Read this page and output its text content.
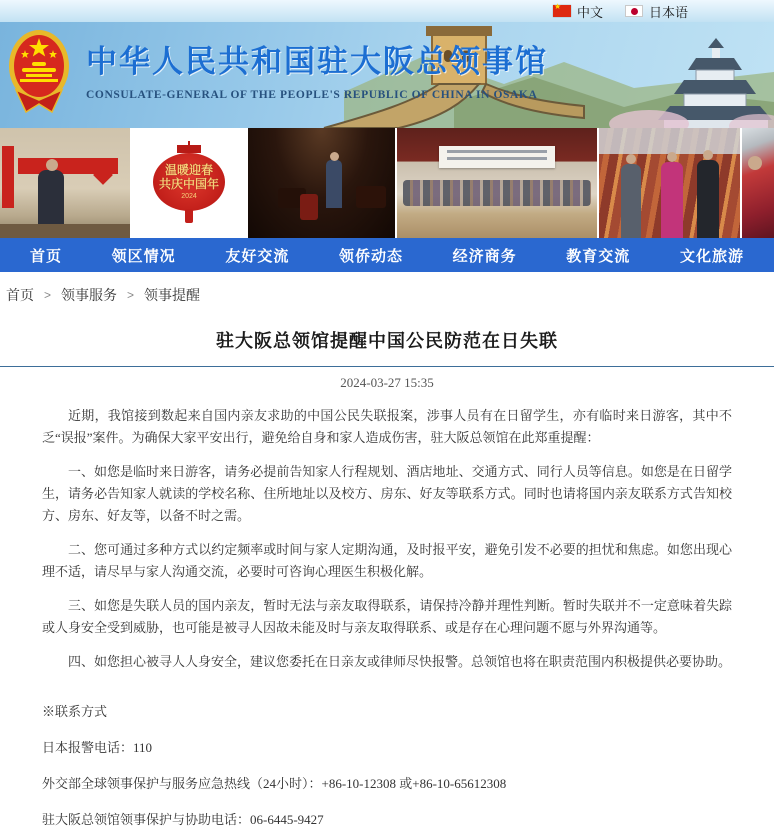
★
中文	日本语
中华人民共和国驻大阪总领事馆
CONSULATE-GENERAL OF THE PEOPLE'S REPUBLIC OF CHINA IN OSAKA
温暖迎春
共庆中国年
2024
首页	领区情况	友好交流	领侨动态	经济商务	教育交流	文化旅游
首页 > 领事服务 > 领事提醒
驻大阪总领馆提醒中国公民防范在日失联
2024-03-27 15:35

近期，我馆接到数起来自国内亲友求助的中国公民失联报案，涉事人员有在日留学生，亦有临时来日游客，其中不乏“误报”案件。为确保大家平安出行，避免给自身和家人造成伤害，驻大阪总领馆在此郑重提醒：

一、如您是临时来日游客，请务必提前告知家人行程规划、酒店地址、交通方式、同行人员等信息。如您是在日留学生，请务必告知家人就读的学校名称、住所地址以及校方、房东、好友等联系方式。同时也请将国内亲友联系方式告知校方、房东、好友等，以备不时之需。

二、您可通过多种方式以约定频率或时间与家人定期沟通，及时报平安，避免引发不必要的担忧和焦虑。如您出现心理不适，请尽早与家人沟通交流，必要时可咨询心理医生积极化解。

三、如您是失联人员的国内亲友，暂时无法与亲友取得联系，请保持冷静并理性判断。暂时失联并不一定意味着失踪或人身安全受到威胁，也可能是被寻人因故未能及时与亲友取得联系、或是存在心理问题不愿与外界沟通等。

四、如您担心被寻人人身安全，建议您委托在日亲友或律师尽快报警。总领馆也将在职责范围内积极提供必要协助。

※联系方式

日本报警电话：110

外交部全球领事保护与服务应急热线（24小时）：+86-10-12308 或+86-10-65612308

驻大阪总领馆领事保护与协助电话：06-6445-9427
